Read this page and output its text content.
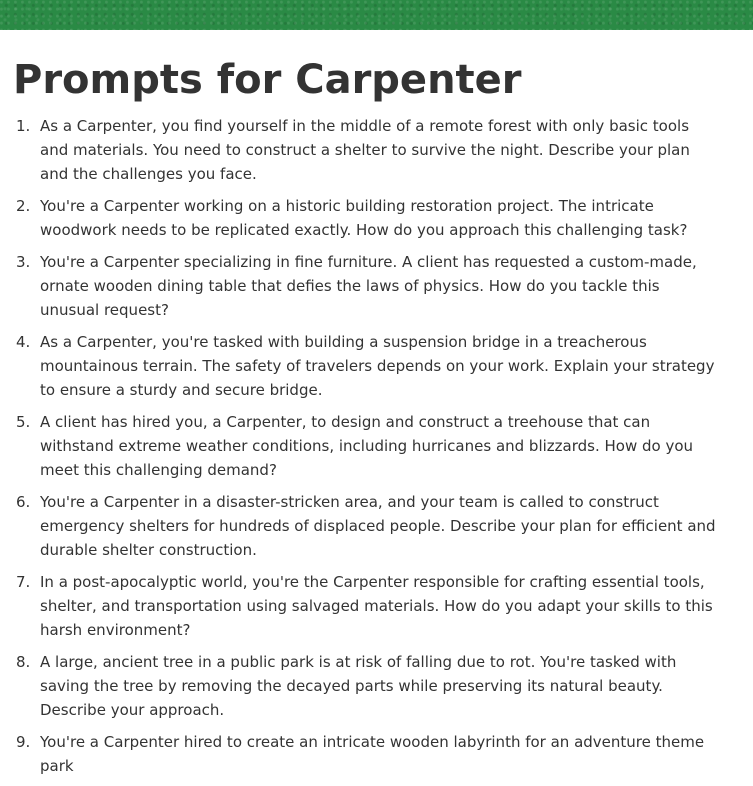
Prompts for Carpenter
1. As a Carpenter, you find yourself in the middle of a remote forest with only basic tools and materials. You need to construct a shelter to survive the night. Describe your plan and the challenges you face.
2. You're a Carpenter working on a historic building restoration project. The intricate woodwork needs to be replicated exactly. How do you approach this challenging task?
3. You're a Carpenter specializing in fine furniture. A client has requested a custom-made, ornate wooden dining table that defies the laws of physics. How do you tackle this unusual request?
4. As a Carpenter, you're tasked with building a suspension bridge in a treacherous mountainous terrain. The safety of travelers depends on your work. Explain your strategy to ensure a sturdy and secure bridge.
5. A client has hired you, a Carpenter, to design and construct a treehouse that can withstand extreme weather conditions, including hurricanes and blizzards. How do you meet this challenging demand?
6. You're a Carpenter in a disaster-stricken area, and your team is called to construct emergency shelters for hundreds of displaced people. Describe your plan for efficient and durable shelter construction.
7. In a post-apocalyptic world, you're the Carpenter responsible for crafting essential tools, shelter, and transportation using salvaged materials. How do you adapt your skills to this harsh environment?
8. A large, ancient tree in a public park is at risk of falling due to rot. You're tasked with saving the tree by removing the decayed parts while preserving its natural beauty. Describe your approach.
9. You're a Carpenter hired to create an intricate wooden labyrinth for an adventure theme park
